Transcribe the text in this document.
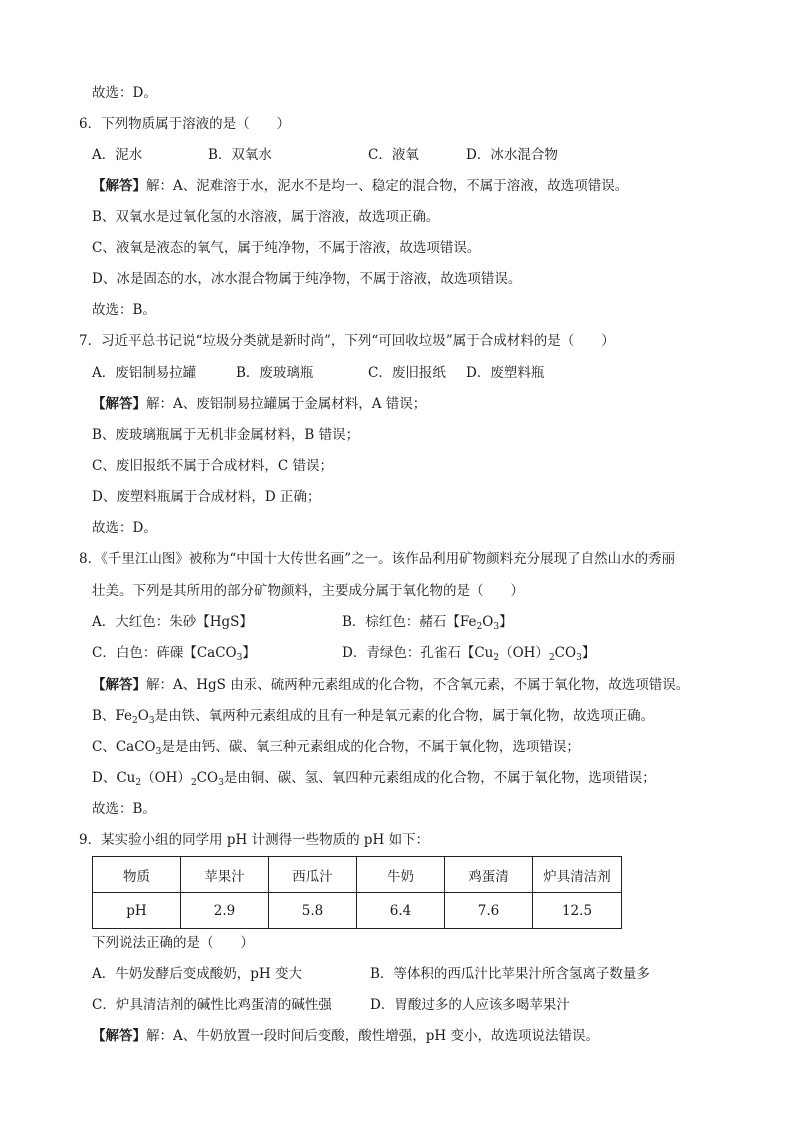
故选：D。
6．下列物质属于溶液的是（　　）
A．泥水	B．双氧水	C．液氧	D．冰水混合物
【解答】解：A、泥难溶于水，泥水不是均一、稳定的混合物，不属于溶液，故选项错误。
B、双氧水是过氧化氢的水溶液，属于溶液，故选项正确。
C、液氧是液态的氧气，属于纯净物，不属于溶液，故选项错误。
D、冰是固态的水，冰水混合物属于纯净物，不属于溶液，故选项错误。
故选：B。
7．习近平总书记说“垃圾分类就是新时尚”，下列“可回收垃圾”属于合成材料的是（　　）
A．废铝制易拉罐	B．废玻璃瓶	C．废旧报纸 D．废塑料瓶
【解答】解：A、废铝制易拉罐属于金属材料，A 错误；
B、废玻璃瓶属于无机非金属材料，B 错误；
C、废旧报纸不属于合成材料，C 错误；
D、废塑料瓶属于合成材料，D 正确；
故选：D。
8．《千里江山图》被称为“中国十大传世名画”之一。该作品利用矿物颜料充分展现了自然山水的秀丽
壮美。下列是其所用的部分矿物颜料，主要成分属于氧化物的是（　　）
A．大红色：朱砂【HgS】	B．棕红色：赭石【$Fe_2O_3$】
C．白色：砗磲【CaCO$_3$】	D．青绿色：孔雀石【$Cu_2(OH)_2CO_3$】
【解答】解：A、HgS 由汞、硫两种元素组成的化合物，不含氧元素，不属于氧化物，故选项错误。
B、$Fe_2O_3$是由铁、氧两种元素组成的且有一种是氧元素的化合物，属于氧化物，故选项正确。
C、CaCO$_3$是是由钙、碳、氧三种元素组成的化合物，不属于氧化物，选项错误；
D、$Cu_2(OH)_2CO_3$是由铜、碳、氢、氧四种元素组成的化合物，不属于氧化物，选项错误；
故选：B。
9．某实验小组的同学用 pH 计测得一些物质的 pH 如下：
物质	苹果汁	西瓜汁	牛奶	鸡蛋清	炉具清洁剂
pH	2.9	5.8	6.4	7.6	12.5
下列说法正确的是（　　）
A．牛奶发酵后变成酸奶，pH 变大	B．等体积的西瓜汁比苹果汁所含氢离子数量多
C．炉具清洁剂的碱性比鸡蛋清的碱性强	D．胃酸过多的人应该多喝苹果汁
【解答】解：A、牛奶放置一段时间后变酸，酸性增强，pH 变小，故选项说法错误。
